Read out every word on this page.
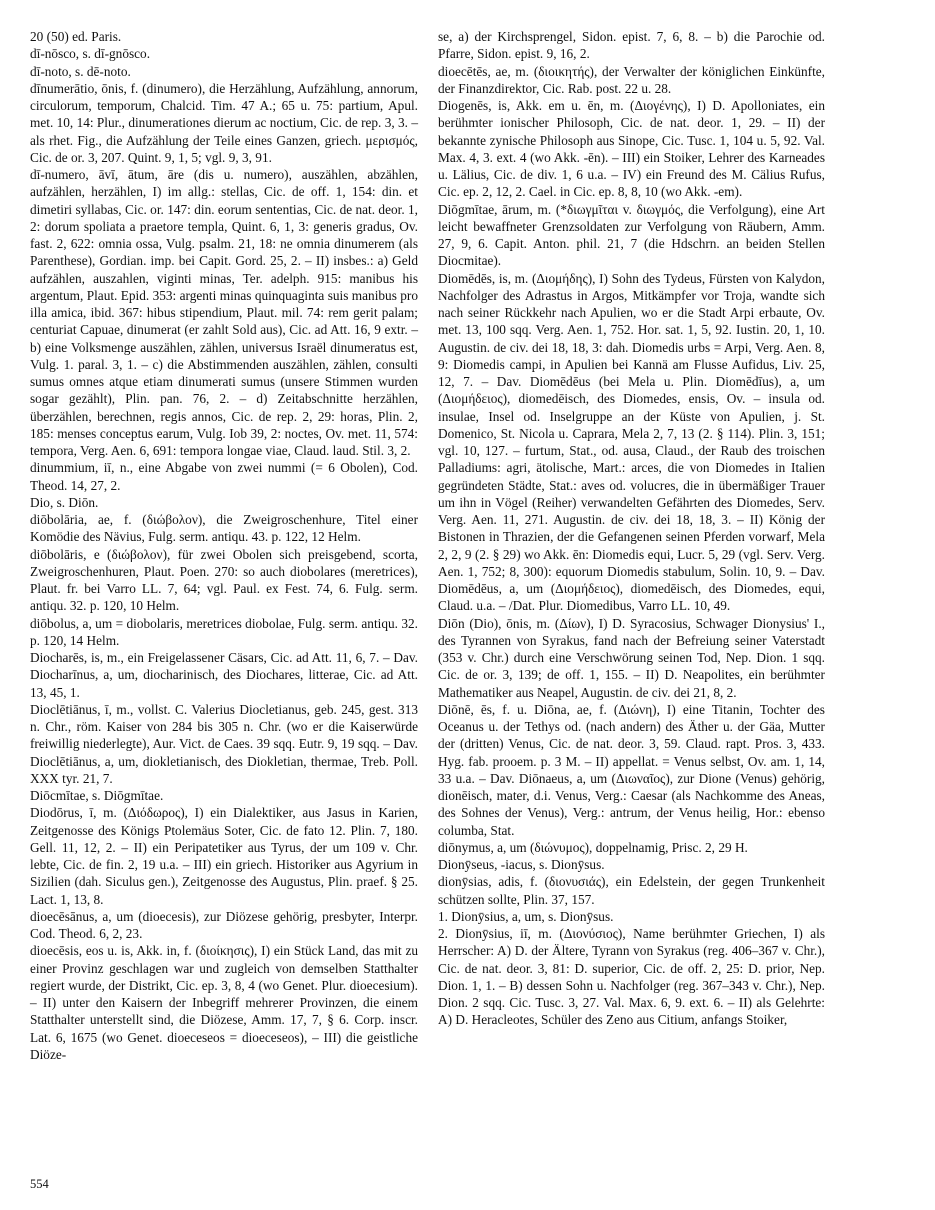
20 (50) ed. Paris.

dī-nōsco, s. dī-gnōsco.

dī-noto, s. dē-noto.

dīnumerātio, ōnis, f. (dinumero), die Herzählung, Aufzählung, annorum, circulorum, temporum, Chalcid. Tim. 47 A.; 65 u. 75: partium, Apul. met. 10, 14: Plur., dinumerationes dierum ac noctium, Cic. de rep. 3, 3. – als rhet. Fig., die Aufzählung der Teile eines Ganzen, griech. μερισμός, Cic. de or. 3, 207. Quint. 9, 1, 5; vgl. 9, 3, 91.

dī-numero, āvī, ātum, āre (dis u. numero), auszählen, abzählen, aufzählen, herzählen, I) im allg.: stellas, Cic. de off. 1, 154: din. et dimetiri syllabas, Cic. or. 147: din. eorum sententias, Cic. de nat. deor. 1, 2: dorum spoliata a praetore templa, Quint. 6, 1, 3: generis gradus, Ov. fast. 2, 622: omnia ossa, Vulg. psalm. 21, 18: ne omnia dinumerem (als Parenthese), Gordian. imp. bei Capit. Gord. 25, 2. – II) insbes.: a) Geld aufzählen, auszahlen, viginti minas, Ter. adelph. 915: manibus his argentum, Plaut. Epid. 353: argenti minas quinquaginta suis manibus pro illa amica, ibid. 367: hibus stipendium, Plaut. mil. 74: rem gerit palam; centuriat Capuae, dinumerat (er zahlt Sold aus), Cic. ad Att. 16, 9 extr. – b) eine Volksmenge auszählen, zählen, universus Israël dinumeratus est, Vulg. 1. paral. 3, 1. – c) die Abstimmenden auszählen, zählen, consulti sumus omnes atque etiam dinumerati sumus (unsere Stimmen wurden sogar gezählt), Plin. pan. 76, 2. – d) Zeitabschnitte herzählen, überzählen, berechnen, regis annos, Cic. de rep. 2, 29: horas, Plin. 2, 185: menses conceptus earum, Vulg. Iob 39, 2: noctes, Ov. met. 11, 574: tempora, Verg. Aen. 6, 691: tempora longae viae, Claud. laud. Stil. 3, 2.

dinummium, iī, n., eine Abgabe von zwei nummi (= 6 Obolen), Cod. Theod. 14, 27, 2.

Dio, s. Diōn.

diōbolāria, ae, f. (διώβολον), die Zweigroschenhure, Titel einer Komödie des Nävius, Fulg. serm. antiqu. 43. p. 122, 12 Helm.

diōbolāris, e (διώβολον), für zwei Obolen sich preisgebend, scorta, Zweigroschenhuren, Plaut. Poen. 270: so auch diobolares (meretrices), Plaut. fr. bei Varro LL. 7, 64; vgl. Paul. ex Fest. 74, 6. Fulg. serm. antiqu. 32. p. 120, 10 Helm.

diōbolus, a, um = diobolaris, meretrices diobolae, Fulg. serm. antiqu. 32. p. 120, 14 Helm.

Diocharēs, is, m., ein Freigelassener Cäsars, Cic. ad Att. 11, 6, 7. – Dav. Diocharīnus, a, um, diocharinisch, des Diochares, litterae, Cic. ad Att. 13, 45, 1.

Dioclētiānus, ī, m., vollst. C. Valerius Diocletianus, geb. 245, gest. 313 n. Chr., röm. Kaiser von 284 bis 305 n. Chr. (wo er die Kaiserwürde freiwillig niederlegte), Aur. Vict. de Caes. 39 sqq. Eutr. 9, 19 sqq. – Dav. Dioclētiānus, a, um, diokletianisch, des Diokletian, thermae, Treb. Poll. XXX tyr. 21, 7.

Diōcmītae, s. Diōgmītae.

Diodōrus, ī, m. (Διόδωρος), I) ein Dialektiker, aus Jasus in Karien, Zeitgenosse des Königs Ptolemäus Soter, Cic. de fato 12. Plin. 7, 180. Gell. 11, 12, 2. – II) ein Peripatetiker aus Tyrus, der um 109 v. Chr. lebte, Cic. de fin. 2, 19 u.a. – III) ein griech. Historiker aus Agyrium in Sizilien (dah. Siculus gen.), Zeitgenosse des Augustus, Plin. praef. § 25. Lact. 1, 13, 8.

dioecēsānus, a, um (dioecesis), zur Diözese gehörig, presbyter, Interpr. Cod. Theod. 6, 2, 23.

dioecēsis, eos u. is, Akk. in, f. (διοίκησις), I) ein Stück Land, das mit zu einer Provinz geschlagen war und zugleich von demselben Statthalter regiert wurde, der Distrikt, Cic. ep. 3, 8, 4 (wo Genet. Plur. dioecesium). – II) unter den Kaisern der Inbegriff mehrerer Provinzen, die einem Statthalter unterstellt sind, die Diözese, Amm. 17, 7, § 6. Corp. inscr. Lat. 6, 1675 (wo Genet. dioeceseos = dioeceseos), – III) die geistliche Diöze-

se, a) der Kirchsprengel, Sidon. epist. 7, 6, 8. – b) die Parochie od. Pfarre, Sidon. epist. 9, 16, 2.

dioecētēs, ae, m. (διοικητής), der Verwalter der königlichen Einkünfte, der Finanzdirektor, Cic. Rab. post. 22 u. 28.

Diogenēs, is, Akk. em u. ēn, m. (Διογένης), I) D. Apolloniates, ein berühmter ionischer Philosoph, Cic. de nat. deor. 1, 29. – II) der bekannte zynische Philosoph aus Sinope, Cic. Tusc. 1, 104 u. 5, 92. Val. Max. 4, 3. ext. 4 (wo Akk. -ēn). – III) ein Stoiker, Lehrer des Karneades u. Lälius, Cic. de div. 1, 6 u.a. – IV) ein Freund des M. Cälius Rufus, Cic. ep. 2, 12, 2. Cael. in Cic. ep. 8, 8, 10 (wo Akk. -em).

Diōgmītae, ārum, m. (*διωγμῖται v. διωγμός, die Verfolgung), eine Art leicht bewaffneter Grenzsoldaten zur Verfolgung von Räubern, Amm. 27, 9, 6. Capit. Anton. phil. 21, 7 (die Hdschrn. an beiden Stellen Diocmitae).

Diomēdēs, is, m. (Διομήδης), I) Sohn des Tydeus, Fürsten von Kalydon, Nachfolger des Adrastus in Argos, Mitkämpfer vor Troja, wandte sich nach seiner Rückkehr nach Apulien, wo er die Stadt Arpi erbaute, Ov. met. 13, 100 sqq. Verg. Aen. 1, 752. Hor. sat. 1, 5, 92. Iustin. 20, 1, 10. Augustin. de civ. dei 18, 18, 3: dah. Diomedis urbs = Arpi, Verg. Aen. 8, 9: Diomedis campi, in Apulien bei Kannä am Flusse Aufidus, Liv. 25, 12, 7. – Dav. Diomēdēus (bei Mela u. Plin. Diomēdīus), a, um (Διομήδειος), diomedēisch, des Diomedes, ensis, Ov. – insula od. insulae, Insel od. Inselgruppe an der Küste von Apulien, j. St. Domenico, St. Nicola u. Caprara, Mela 2, 7, 13 (2. § 114). Plin. 3, 151; vgl. 10, 127. – furtum, Stat., od. ausa, Claud., der Raub des troischen Palladiums: agri, ätolische, Mart.: arces, die von Diomedes in Italien gegründeten Städte, Stat.: aves od. volucres, die in übermäßiger Trauer um ihn in Vögel (Reiher) verwandelten Gefährten des Diomedes, Serv. Verg. Aen. 11, 271. Augustin. de civ. dei 18, 18, 3. – II) König der Bistonen in Thrazien, der die Gefangenen seinen Pferden vorwarf, Mela 2, 2, 9 (2. § 29) wo Akk. ēn: Diomedis equi, Lucr. 5, 29 (vgl. Serv. Verg. Aen. 1, 752; 8, 300): equorum Diomedis stabulum, Solin. 10, 9. – Dav. Diomēdēus, a, um (Διομήδειος), diomedēisch, des Diomedes, equi, Claud. u.a. – /Dat. Plur. Diomedibus, Varro LL. 10, 49.

Diōn (Dio), ōnis, m. (Δίων), I) D. Syracosius, Schwager Dionysius' I., des Tyrannen von Syrakus, fand nach der Befreiung seiner Vaterstadt (353 v. Chr.) durch eine Verschwörung seinen Tod, Nep. Dion. 1 sqq. Cic. de or. 3, 139; de off. 1, 155. – II) D. Neapolites, ein berühmter Mathematiker aus Neapel, Augustin. de civ. dei 21, 8, 2.

Diōnē, ēs, f. u. Diōna, ae, f. (Διώνη), I) eine Titanin, Tochter des Oceanus u. der Tethys od. (nach andern) des Äther u. der Gäa, Mutter der (dritten) Venus, Cic. de nat. deor. 3, 59. Claud. rapt. Pros. 3, 433. Hyg. fab. prooem. p. 3 M. – II) appellat. = Venus selbst, Ov. am. 1, 14, 33 u.a. – Dav. Diōnaeus, a, um (Διωναῖος), zur Dione (Venus) gehörig, dionēisch, mater, d.i. Venus, Verg.: Caesar (als Nachkomme des Aneas, des Sohnes der Venus), Verg.: antrum, der Venus heilig, Hor.: ebenso columba, Stat.

diōnymus, a, um (διώνυμος), doppelnamig, Prisc. 2, 29 H.

Dionȳseus, -iacus, s. Dionȳsus.

dionȳsias, adis, f. (διονυσιάς), ein Edelstein, der gegen Trunkenheit schützen sollte, Plin. 37, 157.

1. Dionȳsius, a, um, s. Dionȳsus.

2. Dionȳsius, iī, m. (Διονύσιος), Name berühmter Griechen, I) als Herrscher: A) D. der Ältere, Tyrann von Syrakus (reg. 406–367 v. Chr.), Cic. de nat. deor. 3, 81: D. superior, Cic. de off. 2, 25: D. prior, Nep. Dion. 1, 1. – B) dessen Sohn u. Nachfolger (reg. 367–343 v. Chr.), Nep. Dion. 2 sqq. Cic. Tusc. 3, 27. Val. Max. 6, 9. ext. 6. – II) als Gelehrte: A) D. Heracleotes, Schüler des Zeno aus Citium, anfangs Stoiker,

554
